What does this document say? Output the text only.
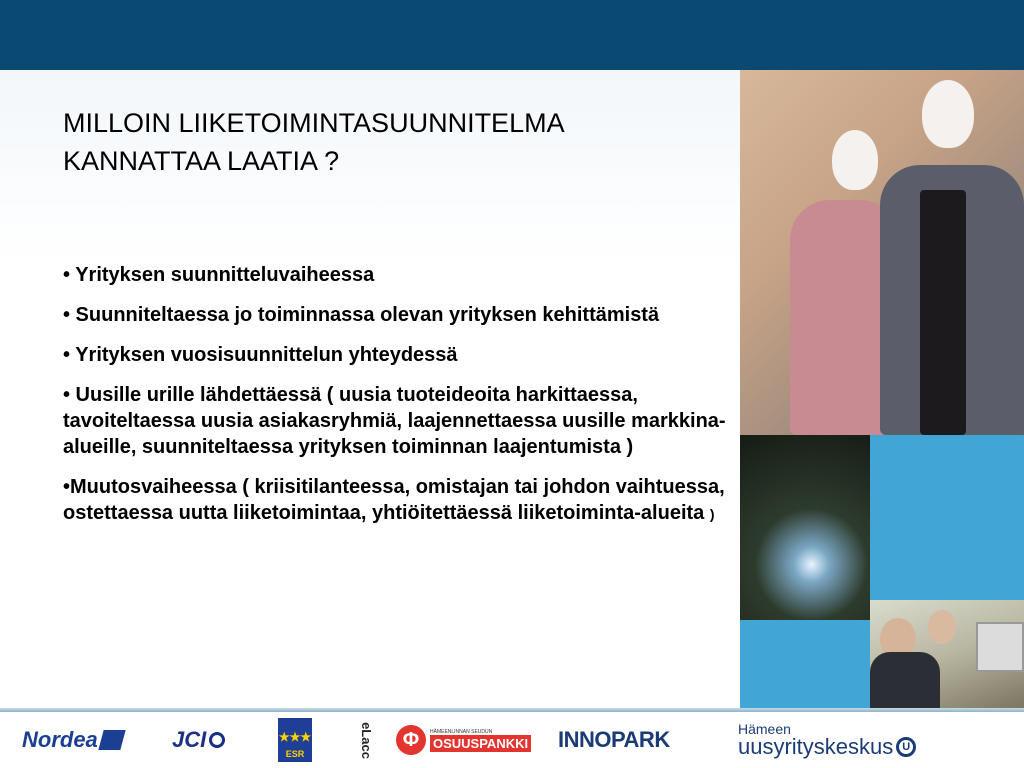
MILLOIN LIIKETOIMINTASUUNNITELMA
KANNATTAA LAATIA ?
• Yrityksen suunnitteluvaiheessa
• Suunniteltaessa jo toiminnassa olevan yrityksen kehittämistä
• Yrityksen vuosisuunnittelun yhteydessä
• Uusille urille lähdettäessä ( uusia tuoteideoita harkittaessa, tavoiteltaessa uusia asiakasryhmiä, laajennettaessa uusille markkina-alueille, suunniteltaessa yrityksen toiminnan laajentumista )
•Muutosvaiheessa ( kriisitilanteessa, omistajan tai johdon vaihtuessa, ostettaessa uutta liiketoimintaa, yhtiöitettäessä liiketoiminta-alueita )
Nordea	JCI	★★★
ESR	eLacc	Φ	HÄMEENLINNAN SEUDUN
OSUUSPANKKI INNOPARK	Hämeen
uusyrityskeskus U
